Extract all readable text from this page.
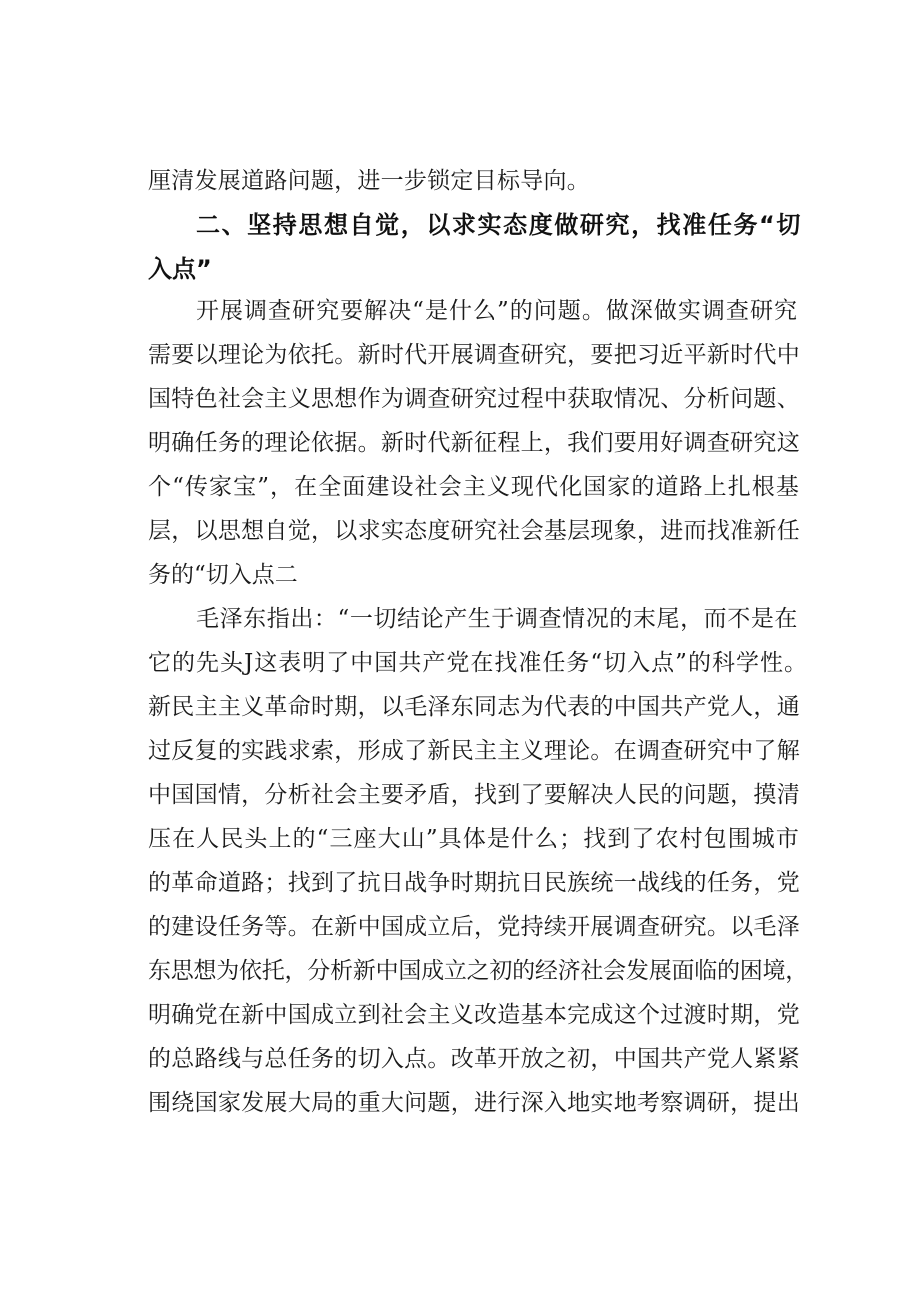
厘清发展道路问题，进一步锁定目标导向。
二、坚持思想自觉，以求实态度做研究，找准任务“切
入点”
开展调查研究要解决“是什么”的问题。做深做实调查研究
需要以理论为依托。新时代开展调查研究，要把习近平新时代中
国特色社会主义思想作为调查研究过程中获取情况、分析问题、
明确任务的理论依据。新时代新征程上，我们要用好调查研究这
个“传家宝”，在全面建设社会主义现代化国家的道路上扎根基
层，以思想自觉，以求实态度研究社会基层现象，进而找准新任
务的“切入点二
毛泽东指出：“一切结论产生于调查情况的末尾，而不是在
它的先头J这表明了中国共产党在找准任务“切入点”的科学性。
新民主主义革命时期，以毛泽东同志为代表的中国共产党人，通
过反复的实践求索，形成了新民主主义理论。在调查研究中了解
中国国情，分析社会主要矛盾，找到了要解决人民的问题，摸清
压在人民头上的“三座大山”具体是什么；找到了农村包围城市
的革命道路；找到了抗日战争时期抗日民族统一战线的任务，党
的建设任务等。在新中国成立后，党持续开展调查研究。以毛泽
东思想为依托，分析新中国成立之初的经济社会发展面临的困境，
明确党在新中国成立到社会主义改造基本完成这个过渡时期，党
的总路线与总任务的切入点。改革开放之初，中国共产党人紧紧
围绕国家发展大局的重大问题，进行深入地实地考察调研，提出
